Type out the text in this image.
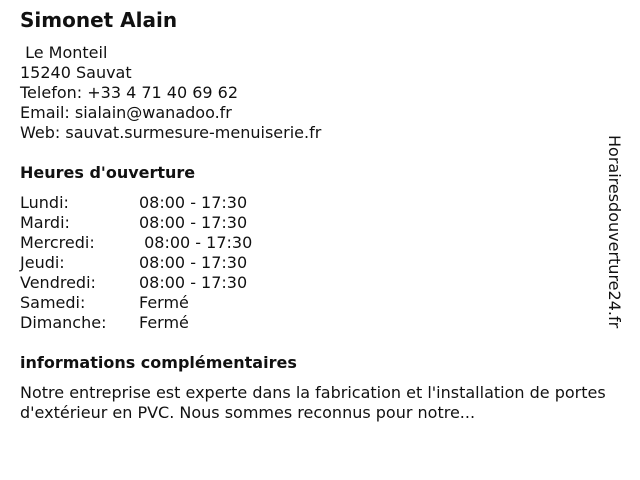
Simonet Alain
Le Monteil
15240 Sauvat
Telefon: +33 4 71 40 69 62
Email: sialain@wanadoo.fr
Web: sauvat.surmesure-menuiserie.fr
Heures d'ouverture
Lundi:	08:00 - 17:30
Mardi:	08:00 - 17:30
Mercredi:	08:00 - 17:30
Jeudi:	08:00 - 17:30
Vendredi:	08:00 - 17:30
Samedi:	Fermé
Dimanche:	Fermé
informations complémentaires

Notre entreprise est experte dans la fabrication et l'installation de portes d'extérieur en PVC. Nous sommes reconnus pour notre...

Horairesdouverture24.fr
